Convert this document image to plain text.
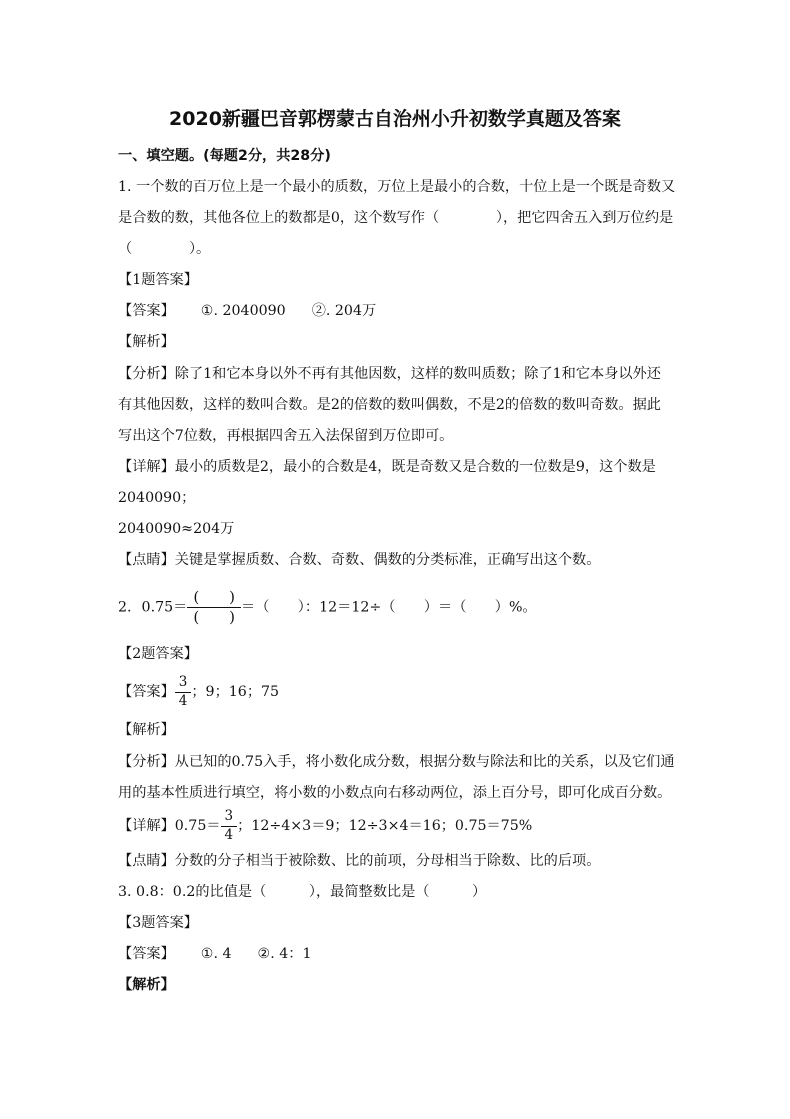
2020新疆巴音郭楞蒙古自治州小升初数学真题及答案
一、填空题。(每题2分，共28分)
1. 一个数的百万位上是一个最小的质数，万位上是最小的合数，十位上是一个既是奇数又
是合数的数，其他各位上的数都是0，这个数写作（　　　　），把它四舍五入到万位约是
（　　　　）。
【1题答案】
【答案】 ①. 2040090 ②. 204万
【解析】
【分析】除了1和它本身以外不再有其他因数，这样的数叫质数；除了1和它本身以外还
有其他因数，这样的数叫合数。是2的倍数的数叫偶数，不是2的倍数的数叫奇数。据此
写出这个7位数，再根据四舍五入法保留到万位即可。
【详解】最小的质数是2，最小的合数是4，既是奇数又是合数的一位数是9，这个数是
2040090；
2040090≈204万
【点睛】关键是掌握质数、合数、奇数、偶数的分类标准，正确写出这个数。
2. $0.75= \frac{( )}{( )}$ ＝（　　）：12＝12÷（　　）＝（　　）%。
【2题答案】
【答案】 $\frac{3}{4}$ ；9；16；75
【解析】
【分析】从已知的0.75入手，将小数化成分数，根据分数与除法和比的关系，以及它们通
用的基本性质进行填空，将小数的小数点向右移动两位，添上百分号，即可化成百分数。
【详解】$0.75= \frac{3}{4}$ ；12÷4×3＝9；12÷3×4＝16；0.75＝75%
【点睛】分数的分子相当于被除数、比的前项，分母相当于除数、比的后项。
3. 0.8：0.2的比值是（　　　），最简整数比是（　　　）
【3题答案】
【答案】 ①. 4 ②. 4：1
【解析】
